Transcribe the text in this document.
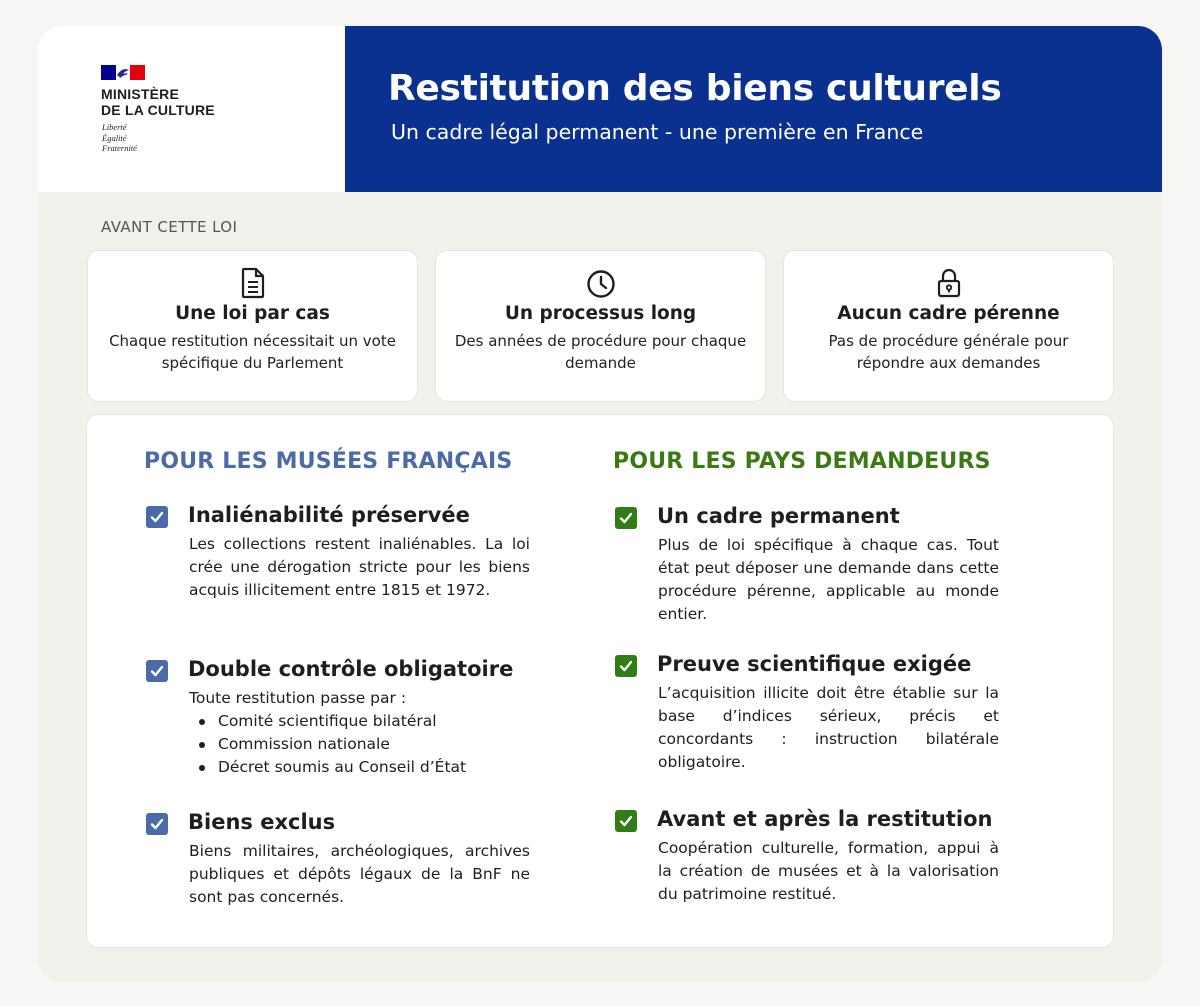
MINISTÈRE
DE LA CULTURE
Liberté
Égalité
Fraternité
Restitution des biens culturels
Un cadre légal permanent - une première en France
AVANT CETTE LOI
Une loi par cas
Chaque restitution nécessitait un vote spécifique du Parlement
Un processus long
Des années de procédure pour chaque demande
Aucun cadre pérenne
Pas de procédure générale pour répondre aux demandes
POUR LES MUSÉES FRANÇAIS
Inaliénabilité préservée
Les collections restent inaliénables. La loi crée une dérogation stricte pour les biens acquis illicitement entre 1815 et 1972.
Double contrôle obligatoire
Toute restitution passe par :
Comité scientifique bilatéral
Commission nationale
Décret soumis au Conseil d’État
Biens exclus
Biens militaires, archéologiques, archives publiques et dépôts légaux de la BnF ne sont pas concernés.
POUR LES PAYS DEMANDEURS
Un cadre permanent
Plus de loi spécifique à chaque cas. Tout état peut déposer une demande dans cette procédure pérenne, applicable au monde entier.
Preuve scientifique exigée
L’acquisition illicite doit être établie sur la base d’indices sérieux, précis et concordants : instruction bilatérale obligatoire.
Avant et après la restitution
Coopération culturelle, formation, appui à la création de musées et à la valorisation du patrimoine restitué.
